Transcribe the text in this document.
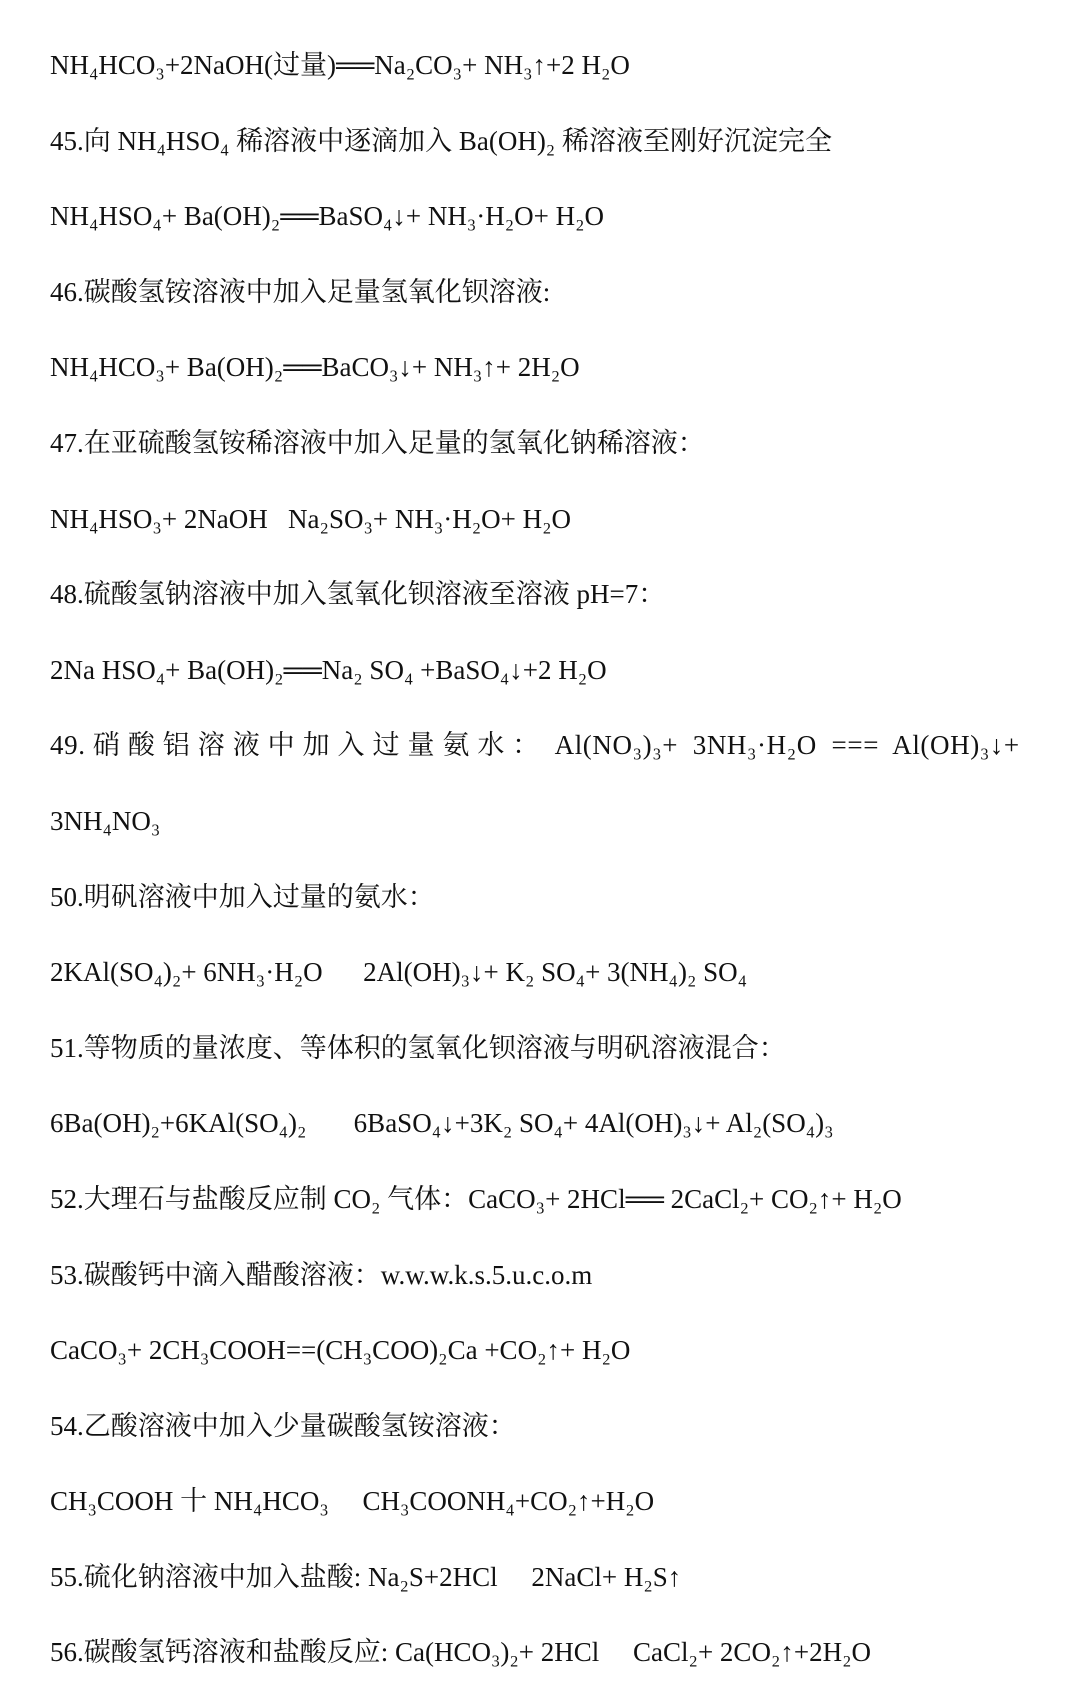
NH₄HCO₃+2NaOH(过量)══Na₂CO₃+ NH₃↑+2 H₂O
45.向 NH₄HSO₄ 稀溶液中逐滴加入 Ba(OH)₂ 稀溶液至刚好沉淀完全
NH₄HSO₄+ Ba(OH)₂══BaSO₄↓+ NH₃·H₂O+ H₂O
46.碳酸氢铵溶液中加入足量氢氧化钡溶液:
NH₄HCO₃+ Ba(OH)₂══BaCO₃↓+ NH₃↑+ 2H₂O
47.在亚硫酸氢铵稀溶液中加入足量的氢氧化钠稀溶液：
NH₄HSO₃+ 2NaOH   Na₂SO₃+ NH₃·H₂O+ H₂O
48.硫酸氢钠溶液中加入氢氧化钡溶液至溶液 pH=7：
2Na HSO₄+ Ba(OH)₂══Na₂ SO₄ +BaSO₄↓+2 H₂O
49. 硝 酸 铝 溶 液 中 加 入 过 量 氨 水 ：  Al(NO₃)₃+  3NH₃·H₂O  ===  Al(OH)₃↓+
3NH₄NO₃
50.明矾溶液中加入过量的氨水：
2KAl(SO₄)₂+ 6NH₃·H₂O      2Al(OH)₃↓+ K₂ SO₄+ 3(NH₄)₂ SO₄
51.等物质的量浓度、等体积的氢氧化钡溶液与明矾溶液混合：
6Ba(OH)₂+6KAl(SO₄)₂       6BaSO₄↓+3K₂ SO₄+ 4Al(OH)₃↓+ Al₂(SO₄)₃
52.大理石与盐酸反应制 CO₂ 气体：CaCO₃+ 2HCl══ 2CaCl₂+ CO₂↑+ H₂O
53.碳酸钙中滴入醋酸溶液：w.w.w.k.s.5.u.c.o.m
CaCO₃+ 2CH₃COOH==(CH₃COO)₂Ca +CO₂↑+ H₂O
54.乙酸溶液中加入少量碳酸氢铵溶液：
CH₃COOH 十 NH₄HCO₃     CH₃COONH₄+CO₂↑+H₂O
55.硫化钠溶液中加入盐酸: Na₂S+2HCl     2NaCl+ H₂S↑
56.碳酸氢钙溶液和盐酸反应: Ca(HCO₃)₂+ 2HCl     CaCl₂+ 2CO₂↑+2H₂O
